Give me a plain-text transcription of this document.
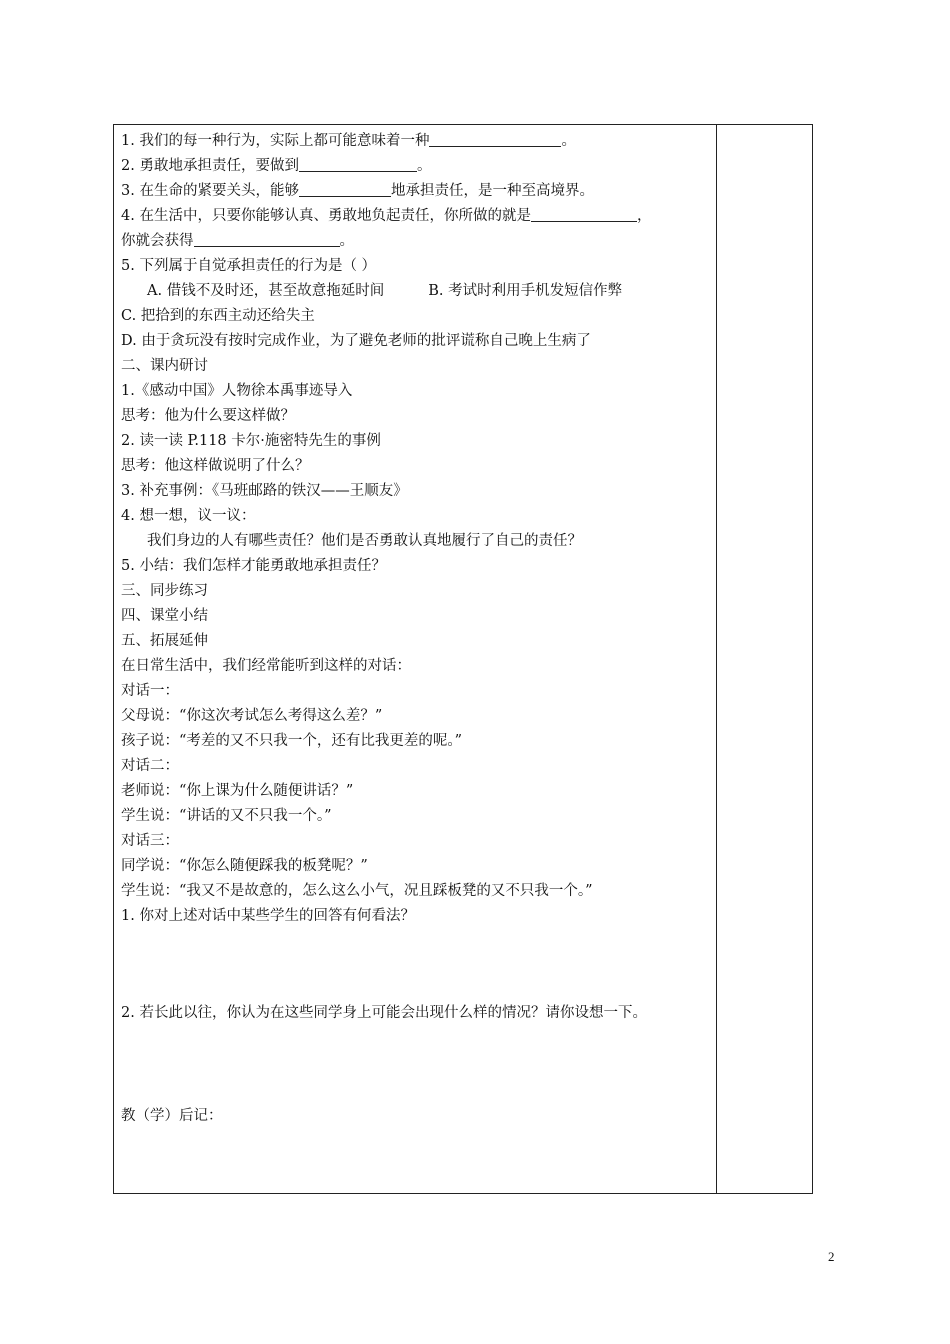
1. 我们的每一种行为，实际上都可能意味着一种	。
2. 勇敢地承担责任，要做到	。
3. 在生命的紧要关头，能够	地承担责任，是一种至高境界。
4. 在生活中，只要你能够认真、勇敢地负起责任，你所做的就是	，
你就会获得	。
5. 下列属于自觉承担责任的行为是（ ）
A. 借钱不及时还，甚至故意拖延时间	B. 考试时利用手机发短信作弊
C. 把拾到的东西主动还给失主
D. 由于贪玩没有按时完成作业，为了避免老师的批评谎称自己晚上生病了
二、课内研讨
1.《感动中国》人物徐本禹事迹导入
思考：他为什么要这样做？
2. 读一读 P.118 卡尔·施密特先生的事例
思考：他这样做说明了什么？
3. 补充事例：《马班邮路的铁汉——王顺友》
4. 想一想，议一议：
我们身边的人有哪些责任？他们是否勇敢认真地履行了自己的责任？
5. 小结：我们怎样才能勇敢地承担责任？
三、同步练习
四、课堂小结
五、拓展延伸
在日常生活中，我们经常能听到这样的对话：
对话一：
父母说：“你这次考试怎么考得这么差？”
孩子说：“考差的又不只我一个，还有比我更差的呢。”
对话二：
老师说：“你上课为什么随便讲话？”
学生说：“讲话的又不只我一个。”
对话三：
同学说：“你怎么随便踩我的板凳呢？”
学生说：“我又不是故意的，怎么这么小气，况且踩板凳的又不只我一个。”
1. 你对上述对话中某些学生的回答有何看法？
2. 若长此以往，你认为在这些同学身上可能会出现什么样的情况？请你设想一下。
教（学）后记：
2
